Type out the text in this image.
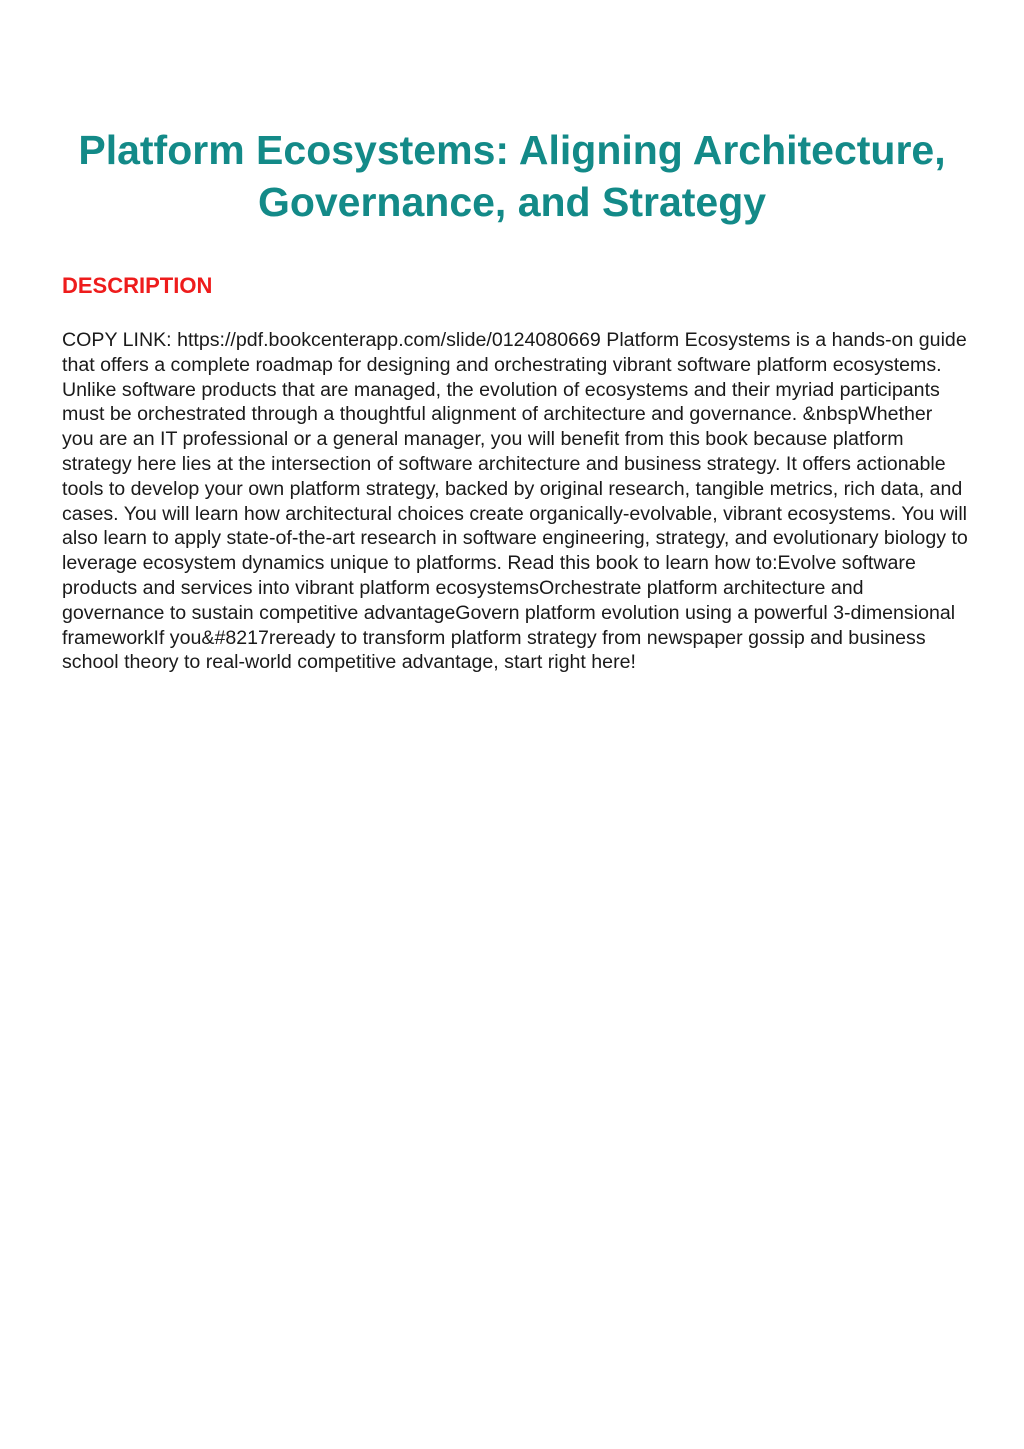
Platform Ecosystems: Aligning Architecture, Governance, and Strategy
DESCRIPTION

COPY LINK: https://pdf.bookcenterapp.com/slide/0124080669 Platform Ecosystems is a hands-on guide that offers a complete roadmap for designing and orchestrating vibrant software platform ecosystems. Unlike software products that are managed, the evolution of ecosystems and their myriad participants must be orchestrated through a thoughtful alignment of architecture and governance. &nbspWhether you are an IT professional or a general manager, you will benefit from this book because platform strategy here lies at the intersection of software architecture and business strategy. It offers actionable tools to develop your own platform strategy, backed by original research, tangible metrics, rich data, and cases. You will learn how architectural choices create organically-evolvable, vibrant ecosystems. You will also learn to apply state-of-the-art research in software engineering, strategy, and evolutionary biology to leverage ecosystem dynamics unique to platforms. Read this book to learn how to:Evolve software products and services into vibrant platform ecosystemsOrchestrate platform architecture and governance to sustain competitive advantageGovern platform evolution using a powerful 3-dimensional frameworkIf you&#8217reready to transform platform strategy from newspaper gossip and business school theory to real-world competitive advantage, start right here!
